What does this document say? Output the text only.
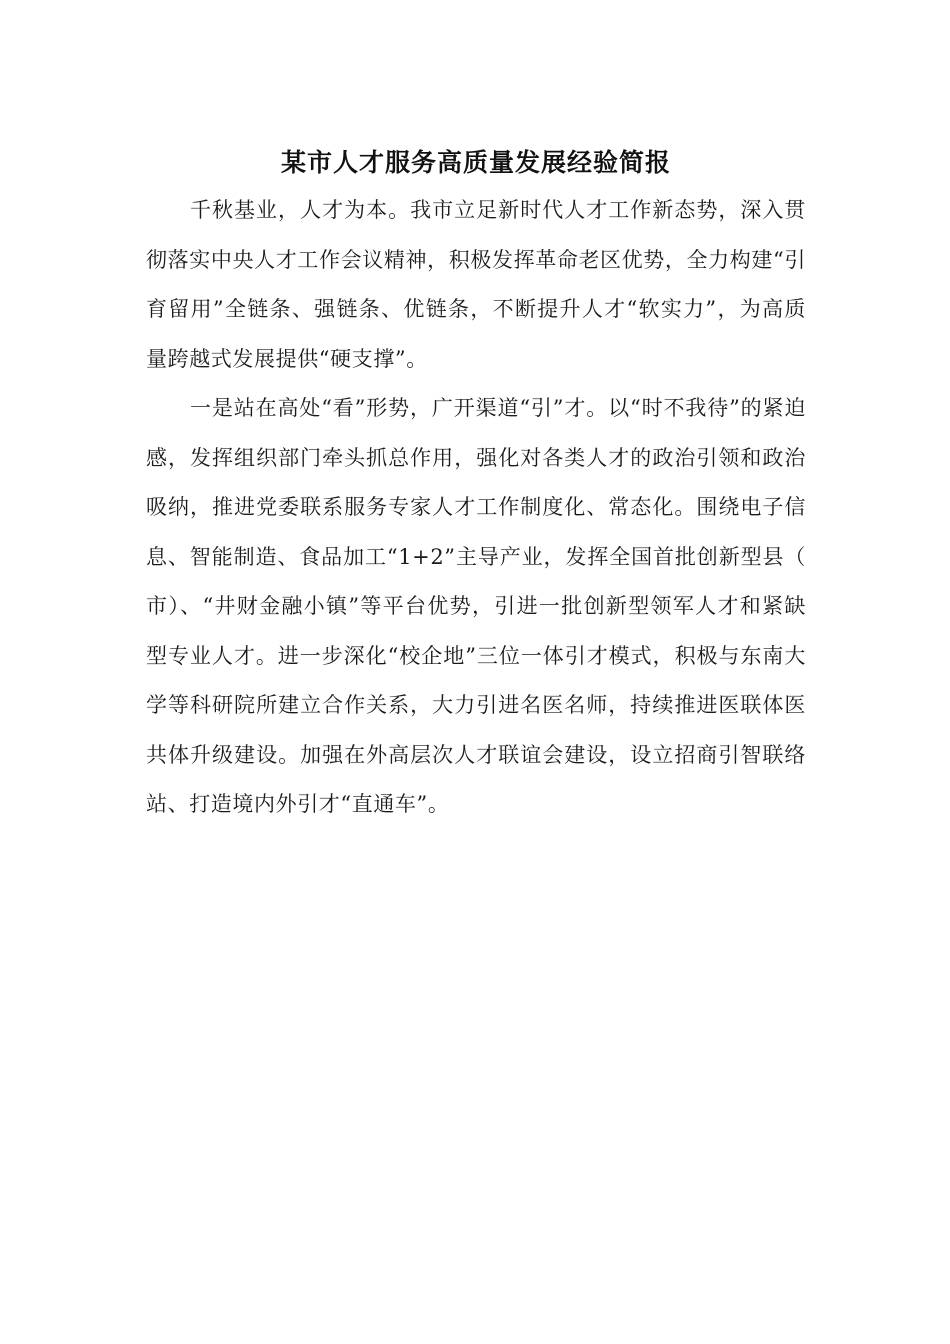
某市人才服务高质量发展经验简报

千秋基业，人才为本。我市立足新时代人才工作新态势，深入贯彻落实中央人才工作会议精神，积极发挥革命老区优势，全力构建“引育留用”全链条、强链条、优链条，不断提升人才“软实力”，为高质量跨越式发展提供“硬支撑”。

一是站在高处“看”形势，广开渠道“引”才。以“时不我待”的紧迫感，发挥组织部门牵头抓总作用，强化对各类人才的政治引领和政治吸纳，推进党委联系服务专家人才工作制度化、常态化。围绕电子信息、智能制造、食品加工“1+2”主导产业，发挥全国首批创新型县（市）、“井财金融小镇”等平台优势，引进一批创新型领军人才和紧缺型专业人才。进一步深化“校企地”三位一体引才模式，积极与东南大学等科研院所建立合作关系，大力引进名医名师，持续推进医联体医共体升级建设。加强在外高层次人才联谊会建设，设立招商引智联络站、打造境内外引才“直通车”。
